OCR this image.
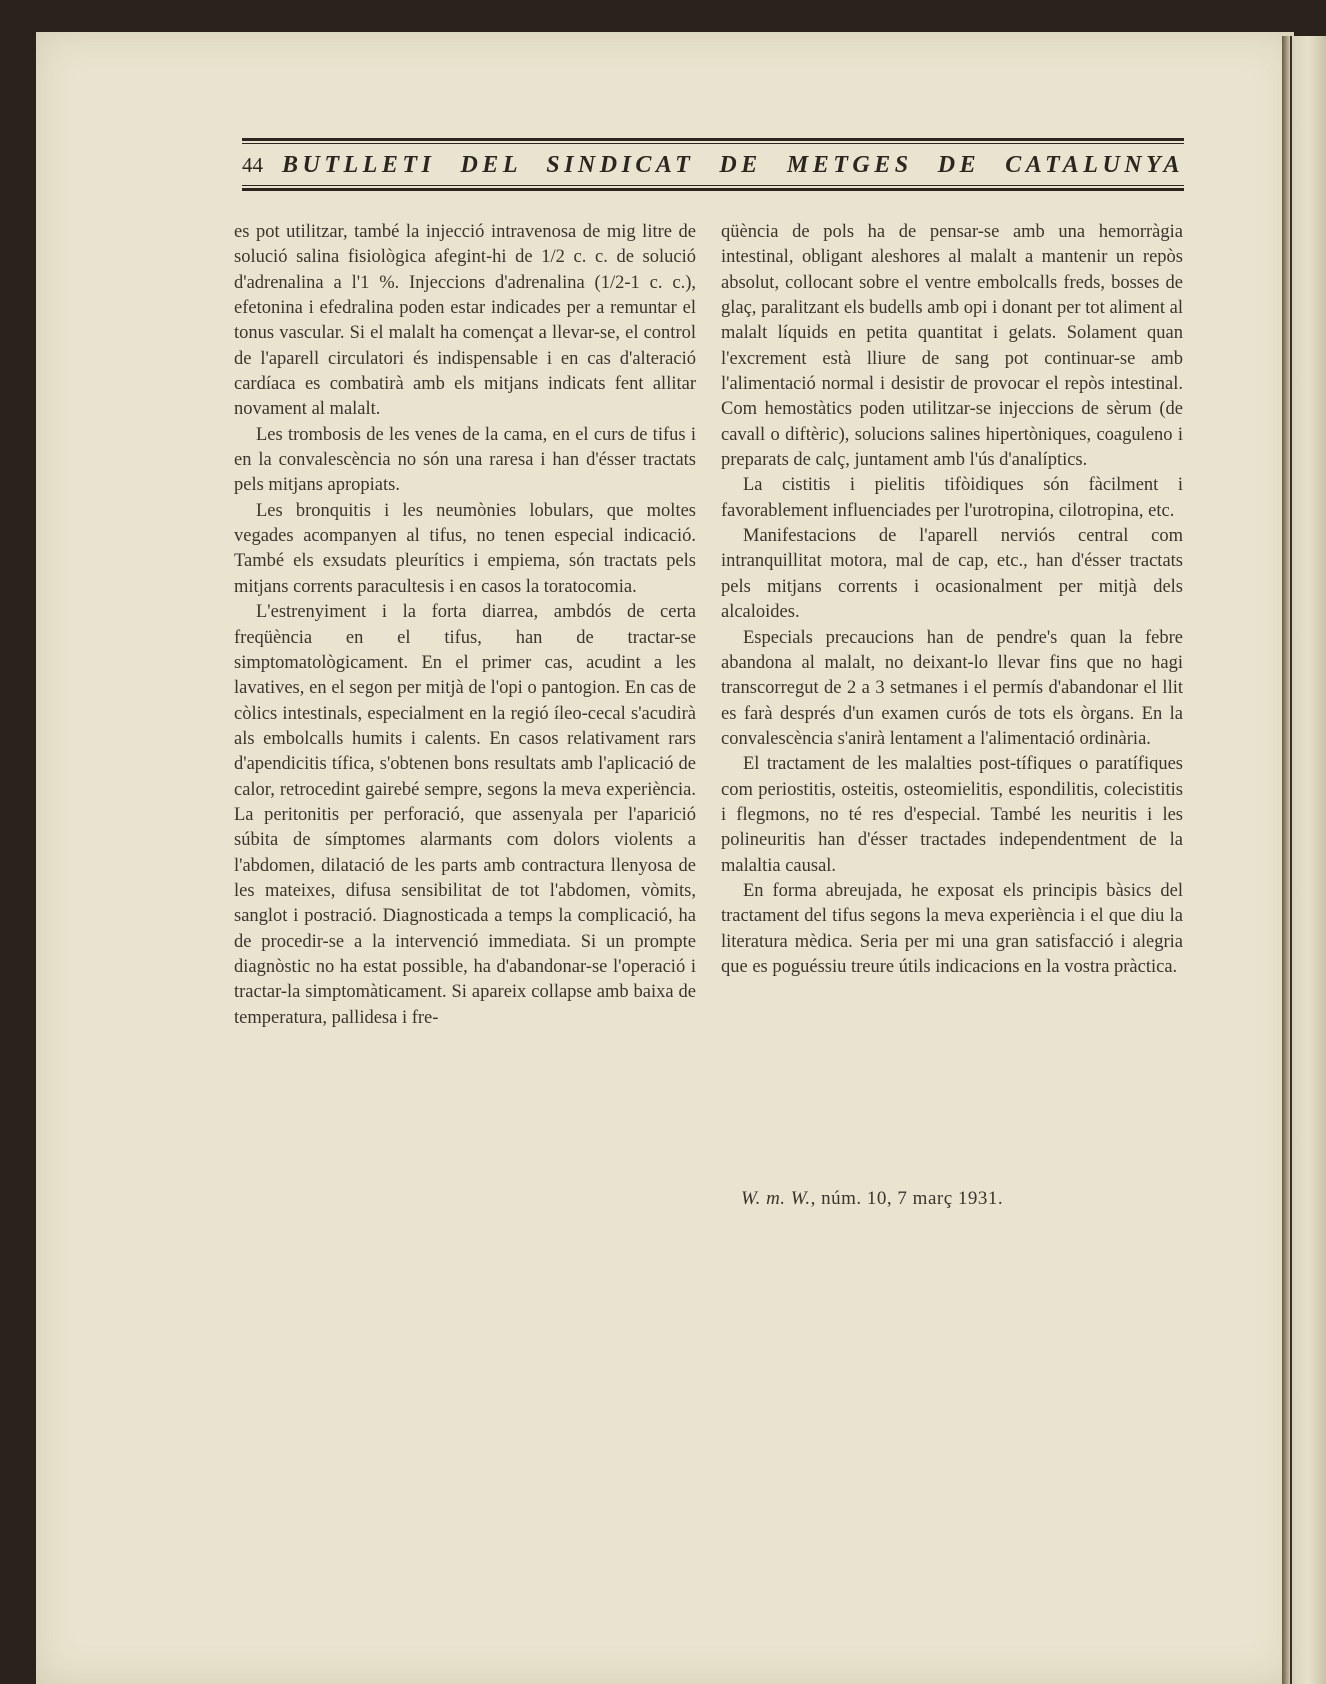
44 BUTLLETI DEL SINDICAT DE METGES DE CATALUNYA

es pot utilitzar, també la injecció intravenosa de mig litre de solució salina fisiològica afegint-hi de 1/2 c. c. de solució d'adrenalina a l'1 %. Injeccions d'adrenalina (1/2-1 c. c.), efetonina i efedralina poden estar indicades per a remuntar el tonus vascular. Si el malalt ha començat a llevar-se, el control de l'aparell circulatori és indispensable i en cas d'alteració cardíaca es combatirà amb els mitjans indicats fent allitar novament al malalt.

Les trombosis de les venes de la cama, en el curs de tifus i en la convalescència no són una raresa i han d'ésser tractats pels mitjans apropiats.

Les bronquitis i les neumònies lobulars, que moltes vegades acompanyen al tifus, no tenen especial indicació. També els exsudats pleurítics i empiema, són tractats pels mitjans corrents paracultesis i en casos la toratocomia.

L'estrenyiment i la forta diarrea, ambdós de certa freqüència en el tifus, han de tractar-se simptomatològicament. En el primer cas, acudint a les lavatives, en el segon per mitjà de l'opi o pantogion. En cas de còlics intestinals, especialment en la regió íleo-cecal s'acudirà als embolcalls humits i calents. En casos relativament rars d'apendicitis tífica, s'obtenen bons resultats amb l'aplicació de calor, retrocedint gairebé sempre, segons la meva experiència. La peritonitis per perforació, que assenyala per l'aparició súbita de símptomes alarmants com dolors violents a l'abdomen, dilatació de les parts amb contractura llenyosa de les mateixes, difusa sensibilitat de tot l'abdomen, vòmits, sanglot i postració. Diagnosticada a temps la complicació, ha de procedir-se a la intervenció immediata. Si un prompte diagnòstic no ha estat possible, ha d'abandonar-se l'operació i tractar-la simptomàticament. Si apareix collapse amb baixa de temperatura, pallidesa i fre-

qüència de pols ha de pensar-se amb una hemorràgia intestinal, obligant aleshores al malalt a mantenir un repòs absolut, collocant sobre el ventre embolcalls freds, bosses de glaç, paralitzant els budells amb opi i donant per tot aliment al malalt líquids en petita quantitat i gelats. Solament quan l'excrement està lliure de sang pot continuar-se amb l'alimentació normal i desistir de provocar el repòs intestinal. Com hemostàtics poden utilitzar-se injeccions de sèrum (de cavall o diftèric), solucions salines hipertòniques, coaguleno i preparats de calç, juntament amb l'ús d'analíptics.

La cistitis i pielitis tifòidiques són fàcilment i favorablement influenciades per l'urotropina, cilotropina, etc.

Manifestacions de l'aparell nerviós central com intranquillitat motora, mal de cap, etc., han d'ésser tractats pels mitjans corrents i ocasionalment per mitjà dels alcaloides.

Especials precaucions han de pendre's quan la febre abandona al malalt, no deixant-lo llevar fins que no hagi transcorregut de 2 a 3 setmanes i el permís d'abandonar el llit es farà després d'un examen curós de tots els òrgans. En la convalescència s'anirà lentament a l'alimentació ordinària.

El tractament de les malalties post-tífiques o paratífiques com periostitis, osteitis, osteomielitis, espondilitis, colecistitis i flegmons, no té res d'especial. També les neuritis i les polineuritis han d'ésser tractades independentment de la malaltia causal.

En forma abreujada, he exposat els principis bàsics del tractament del tifus segons la meva experiència i el que diu la literatura mèdica. Seria per mi una gran satisfacció i alegria que es poguéssiu treure útils indicacions en la vostra pràctica.

W. m. W., núm. 10, 7 març 1931.
